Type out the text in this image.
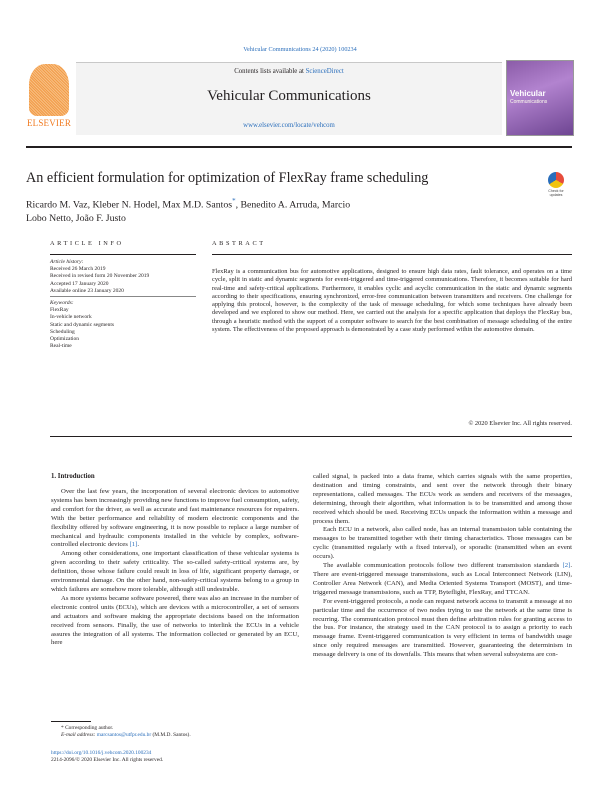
Vehicular Communications 24 (2020) 100234
ELSEVIER
Contents lists available at ScienceDirect
Vehicular Communications
www.elsevier.com/locate/vehcom
Vehicular
Communications
An efficient formulation for optimization of FlexRay frame scheduling
Check for updates
Ricardo M. Vaz, Kleber N. Hodel, Max M.D. Santos*, Benedito A. Arruda, Marcio
Lobo Netto, João F. Justo
ARTICLE INFO
Article history:
Received 26 March 2019
Received in revised form 20 November 2019
Accepted 17 January 2020
Available online 23 January 2020
Keywords:
FlexRay
In-vehicle network
Static and dynamic segments
Scheduling
Optimization
Real-time
ABSTRACT
FlexRay is a communication bus for automotive applications, designed to ensure high data rates, fault tolerance, and operates on a time cycle, split in static and dynamic segments for event-triggered and time-triggered communications. Therefore, it becomes suitable for hard real-time and safety-critical applications. Furthermore, it enables cyclic and acyclic communication in the static and dynamic segments according to their specifications, ensuring synchronized, error-free communication between transmitters and receivers. One challenge for applying this protocol, however, is the complexity of the task of message scheduling, for which some techniques have already been developed and we explored to show our method. Here, we carried out the analysis for a specific application that deploys the FlexRay bus, through a heuristic method with the support of a computer software to search for the best combination of message scheduling of the entire system. The effectiveness of the proposed approach is demonstrated by a case study performed within the automotive domain.
© 2020 Elsevier Inc. All rights reserved.
1. Introduction

Over the last few years, the incorporation of several electronic devices to automotive systems has been increasingly providing new functions to improve fuel consumption, safety, and comfort for the driver, as well as accurate and fast maintenance resources for repairers. With the better performance and reliability of modern electronic components and the flexibility offered by software engineering, it is now possible to replace a large number of mechanical and hydraulic components installed in the vehicle by complex, software-controlled electronic devices [1].

Among other considerations, one important classification of these vehicular systems is given according to their safety criticality. The so-called safety-critical systems are, by definition, those whose failure could result in loss of life, significant property damage, or environmental damage. On the other hand, non-safety-critical systems belong to a group in which failures are somehow more tolerable, although still undesirable.

As more systems became software powered, there was also an increase in the number of electronic control units (ECUs), which are devices with a microcontroller, a set of sensors and actuators and software making the appropriate decisions based on the information received from sensors. Finally, the use of networks to interlink the ECUs in a vehicle assures the integration of all systems. The information collected or generated by an ECU, here

called signal, is packed into a data frame, which carries signals with the same properties, destination and timing constraints, and sent over the network through their binary representations, called messages. The ECUs work as senders and receivers of the messages, determining, through their algorithm, what information is to be transmitted and among those received which should be used. Receiving ECUs unpack the information within a message and process them.

Each ECU in a network, also called node, has an internal transmission table containing the messages to be transmitted together with their timing characteristics. Those messages can be cyclic (transmitted regularly with a fixed interval), or sporadic (transmitted when an event occurs).

The available communication protocols follow two different transmission standards [2]. There are event-triggered message transmissions, such as Local Interconnect Network (LIN), Controller Area Network (CAN), and Media Oriented Systems Transport (MOST), and time-triggered message transmissions, such as TTP, Byteflight, FlexRay, and TTCAN.

For event-triggered protocols, a node can request network access to transmit a message at no particular time and the occurrence of two nodes trying to use the network at the same time is recurring. The communication protocol must then define arbitration rules for granting access to the bus. For instance, the strategy used in the CAN protocol is to assign a priority to each message frame. Event-triggered communication is very efficient in terms of bandwidth usage since only required messages are transmitted. However, guaranteeing the determinism in message delivery is one of its downfalls. This means that when several subsystems are con-

* Corresponding author.
E-mail address: marcsantos@utfpr.edu.br (M.M.D. Santos).
https://doi.org/10.1016/j.vehcom.2020.100234
2214-2096/© 2020 Elsevier Inc. All rights reserved.
